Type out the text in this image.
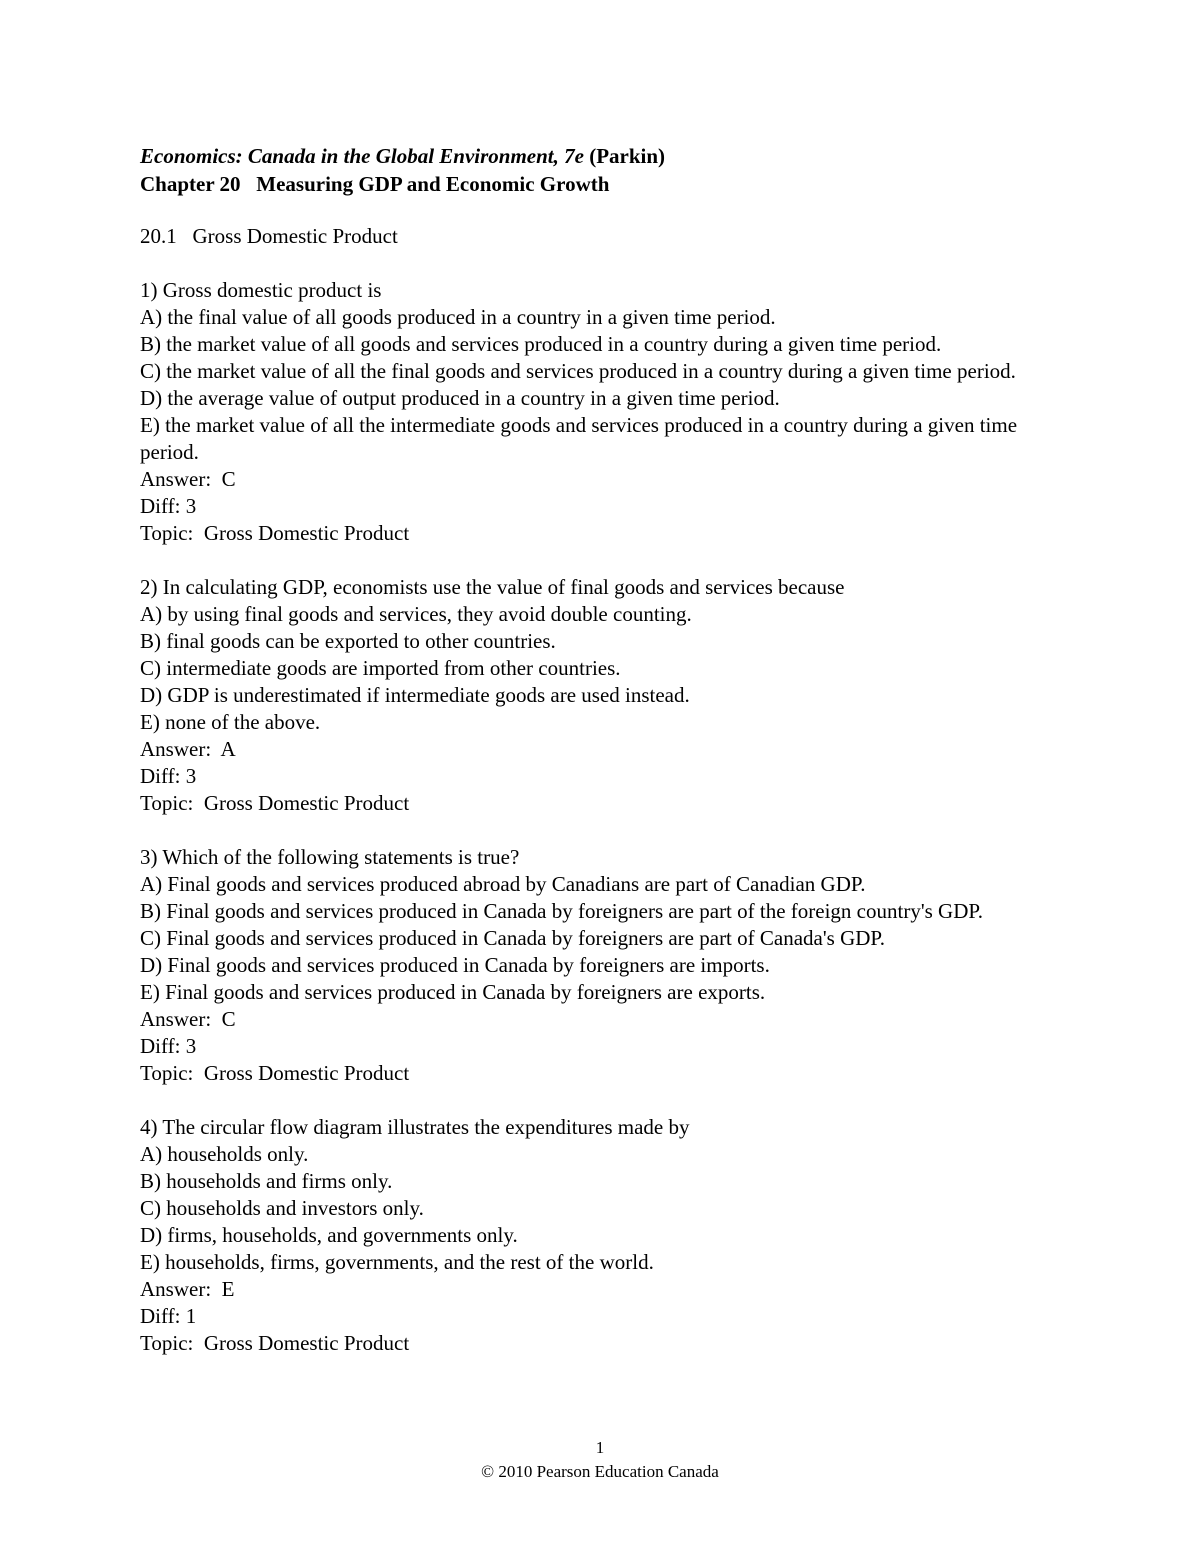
Economics: Canada in the Global Environment, 7e (Parkin)
Chapter 20   Measuring GDP and Economic Growth
20.1 Gross Domestic Product
1) Gross domestic product is
A) the final value of all goods produced in a country in a given time period.
B) the market value of all goods and services produced in a country during a given time period.
C) the market value of all the final goods and services produced in a country during a given time period.
D) the average value of output produced in a country in a given time period.
E) the market value of all the intermediate goods and services produced in a country during a given time period.
Answer:  C
Diff: 3
Topic:  Gross Domestic Product
2) In calculating GDP, economists use the value of final goods and services because
A) by using final goods and services, they avoid double counting.
B) final goods can be exported to other countries.
C) intermediate goods are imported from other countries.
D) GDP is underestimated if intermediate goods are used instead.
E) none of the above.
Answer:  A
Diff: 3
Topic:  Gross Domestic Product
3) Which of the following statements is true?
A) Final goods and services produced abroad by Canadians are part of Canadian GDP.
B) Final goods and services produced in Canada by foreigners are part of the foreign country's GDP.
C) Final goods and services produced in Canada by foreigners are part of Canada's GDP.
D) Final goods and services produced in Canada by foreigners are imports.
E) Final goods and services produced in Canada by foreigners are exports.
Answer:  C
Diff: 3
Topic:  Gross Domestic Product
4) The circular flow diagram illustrates the expenditures made by
A) households only.
B) households and firms only.
C) households and investors only.
D) firms, households, and governments only.
E) households, firms, governments, and the rest of the world.
Answer:  E
Diff: 1
Topic:  Gross Domestic Product
1
© 2010 Pearson Education Canada
